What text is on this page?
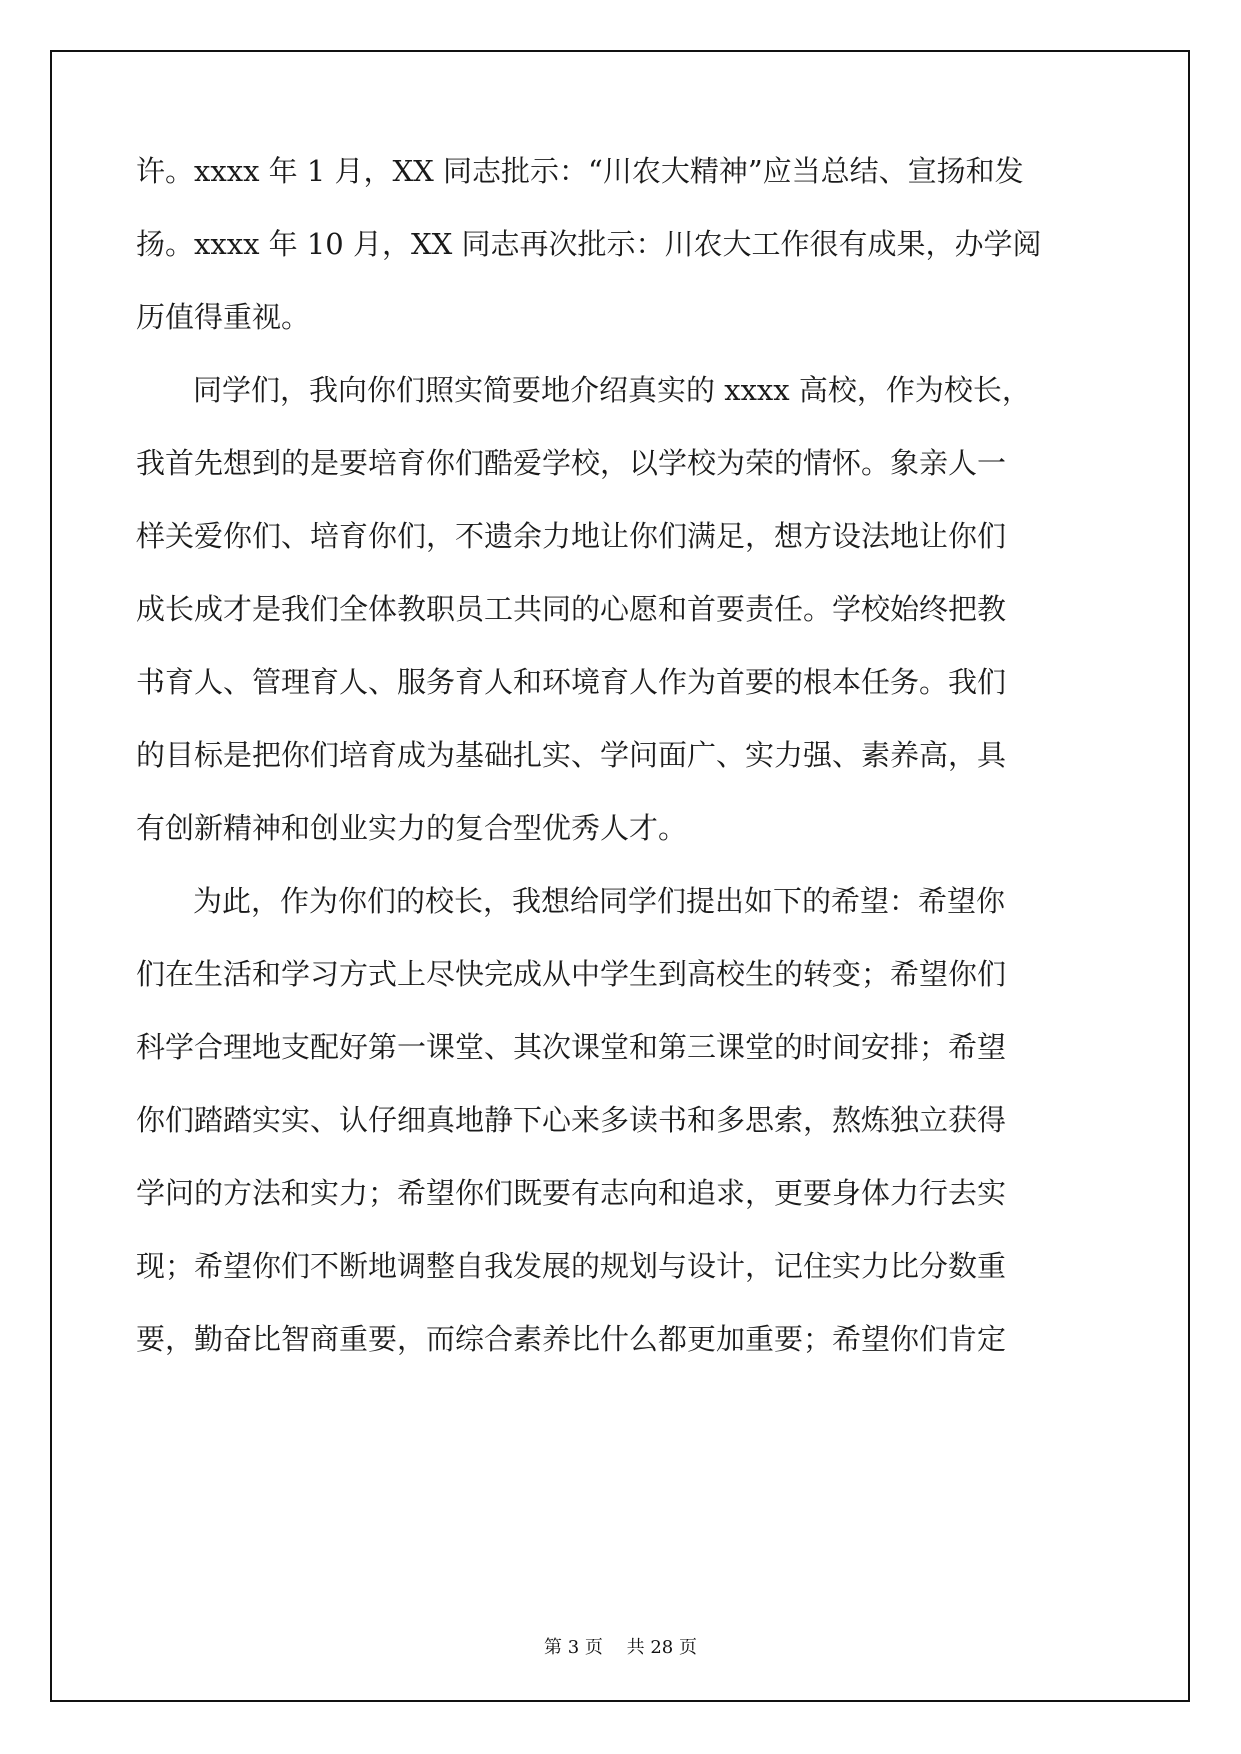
许。xxxx 年 1 月，XX 同志批示：“川农大精神”应当总结、宣扬和发
扬。xxxx 年 10 月，XX 同志再次批示：川农大工作很有成果，办学阅
历值得重视。
同学们，我向你们照实简要地介绍真实的 xxxx 高校，作为校长，
我首先想到的是要培育你们酷爱学校，以学校为荣的情怀。象亲人一
样关爱你们、培育你们，不遗余力地让你们满足，想方设法地让你们
成长成才是我们全体教职员工共同的心愿和首要责任。学校始终把教
书育人、管理育人、服务育人和环境育人作为首要的根本任务。我们
的目标是把你们培育成为基础扎实、学问面广、实力强、素养高，具
有创新精神和创业实力的复合型优秀人才。
为此，作为你们的校长，我想给同学们提出如下的希望：希望你
们在生活和学习方式上尽快完成从中学生到高校生的转变；希望你们
科学合理地支配好第一课堂、其次课堂和第三课堂的时间安排；希望
你们踏踏实实、认仔细真地静下心来多读书和多思索，熬炼独立获得
学问的方法和实力；希望你们既要有志向和追求，更要身体力行去实
现；希望你们不断地调整自我发展的规划与设计，记住实力比分数重
要，勤奋比智商重要，而综合素养比什么都更加重要；希望你们肯定
第 3 页　 共 28 页
